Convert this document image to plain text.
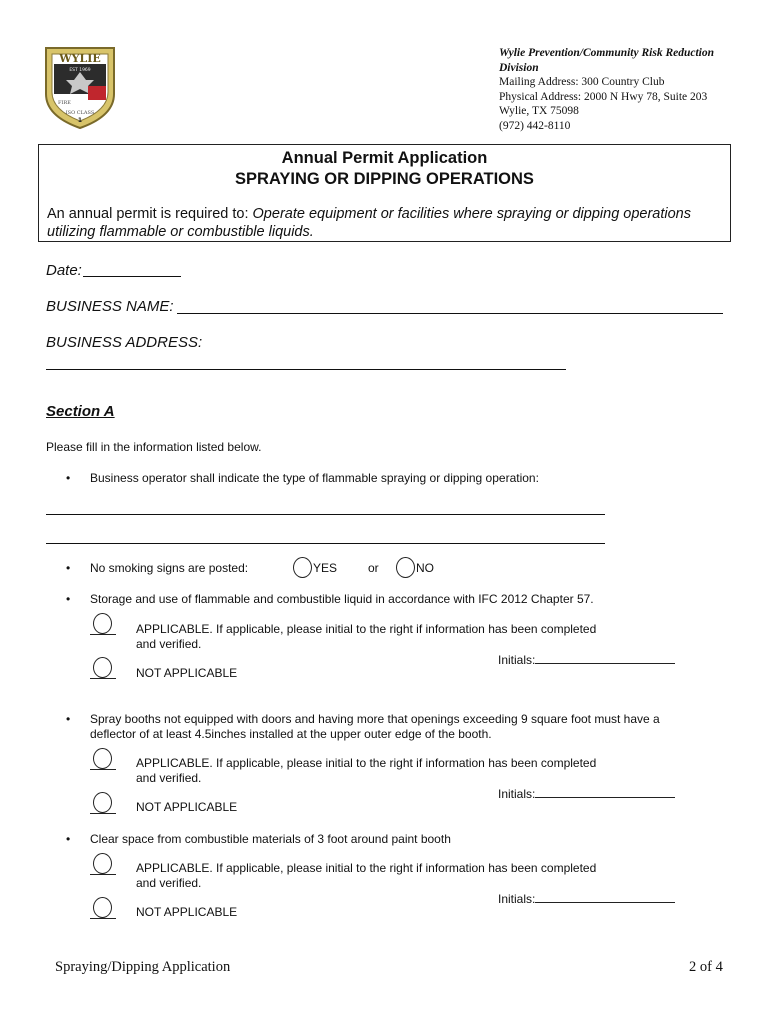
WYLIE
EST 1969
FIRE
ISO CLASS
1
Wylie Prevention/Community Risk Reduction
Division
Mailing Address: 300 Country Club
Physical Address: 2000 N Hwy 78, Suite 203
Wylie, TX 75098
(972) 442-8110
Annual Permit Application
SPRAYING OR DIPPING OPERATIONS
An annual permit is required to: Operate equipment or facilities where spraying or dipping operations utilizing flammable or combustible liquids.
Date:
BUSINESS NAME:
BUSINESS ADDRESS:
Section A
Please fill in the information listed below.
• Business operator shall indicate the type of flammable spraying or dipping operation:
• No smoking signs are posted:	YES	or	NO
• Storage and use of flammable and combustible liquid in accordance with IFC 2012 Chapter 57.
APPLICABLE. If applicable, please initial to the right if information has been completed
and verified.
Initials:
NOT APPLICABLE
• Spray booths not equipped with doors and having more that openings exceeding 9 square foot must have a
deflector of at least 4.5inches installed at the upper outer edge of the booth.
APPLICABLE. If applicable, please initial to the right if information has been completed
and verified.
Initials:
NOT APPLICABLE
• Clear space from combustible materials of 3 foot around paint booth
APPLICABLE. If applicable, please initial to the right if information has been completed
and verified.
Initials:
NOT APPLICABLE
Spraying/Dipping Application	2 of 4
